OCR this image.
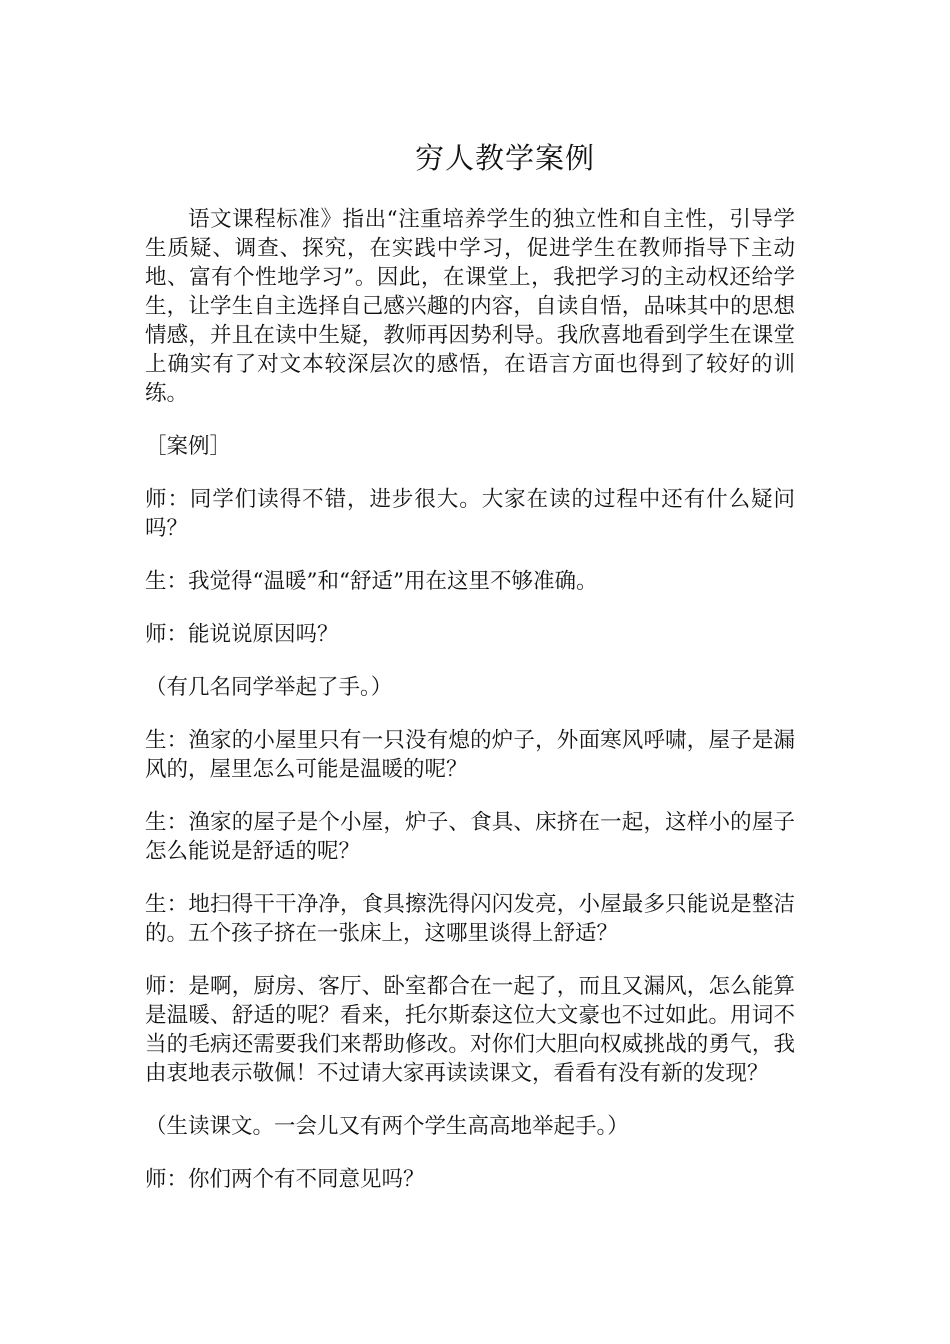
穷人教学案例

语文课程标准》指出“注重培养学生的独立性和自主性，引导学生质疑、调查、探究，在实践中学习，促进学生在教师指导下主动地、富有个性地学习”。因此，在课堂上，我把学习的主动权还给学生，让学生自主选择自己感兴趣的内容，自读自悟，品味其中的思想情感，并且在读中生疑，教师再因势利导。我欣喜地看到学生在课堂上确实有了对文本较深层次的感悟，在语言方面也得到了较好的训练。

［案例］

师：同学们读得不错，进步很大。大家在读的过程中还有什么疑问吗？

生：我觉得“温暖”和“舒适”用在这里不够准确。

师：能说说原因吗？

（有几名同学举起了手。）

生：渔家的小屋里只有一只没有熄的炉子，外面寒风呼啸，屋子是漏风的，屋里怎么可能是温暖的呢？

生：渔家的屋子是个小屋，炉子、食具、床挤在一起，这样小的屋子怎么能说是舒适的呢？

生：地扫得干干净净，食具擦洗得闪闪发亮，小屋最多只能说是整洁的。五个孩子挤在一张床上，这哪里谈得上舒适？

师：是啊，厨房、客厅、卧室都合在一起了，而且又漏风，怎么能算是温暖、舒适的呢？看来，托尔斯泰这位大文豪也不过如此。用词不当的毛病还需要我们来帮助修改。对你们大胆向权威挑战的勇气，我由衷地表示敬佩！不过请大家再读读课文，看看有没有新的发现？

（生读课文。一会儿又有两个学生高高地举起手。）

师：你们两个有不同意见吗？
